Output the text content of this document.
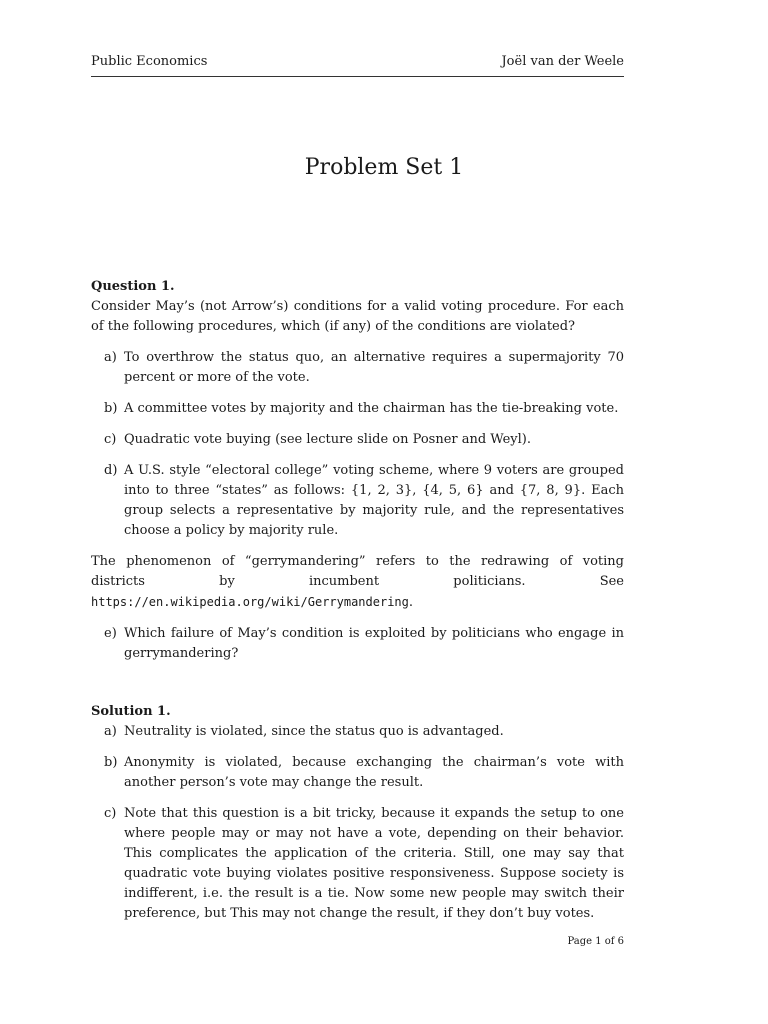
Public Economics	Joël van der Weele
Problem Set 1

Question 1.

Consider May’s (not Arrow’s) conditions for a valid voting procedure. For each of the following procedures, which (if any) of the conditions are violated?

a) To overthrow the status quo, an alternative requires a supermajority 70 percent or more of the vote.
b) A committee votes by majority and the chairman has the tie-breaking vote.
c) Quadratic vote buying (see lecture slide on Posner and Weyl).
d) A U.S. style “electoral college” voting scheme, where 9 voters are grouped into to three “states” as follows: {1, 2, 3}, {4, 5, 6} and {7, 8, 9}. Each group selects a representative by majority rule, and the representatives choose a policy by majority rule.

The phenomenon of “gerrymandering” refers to the redrawing of voting districts by incumbent politicians. See https://en.wikipedia.org/wiki/Gerrymandering.

e) Which failure of May’s condition is exploited by politicians who engage in gerrymandering?

Solution 1.

a) Neutrality is violated, since the status quo is advantaged.
b) Anonymity is violated, because exchanging the chairman’s vote with another person’s vote may change the result.
c) Note that this question is a bit tricky, because it expands the setup to one where people may or may not have a vote, depending on their behavior. This complicates the application of the criteria. Still, one may say that quadratic vote buying violates positive responsiveness. Suppose society is indifferent, i.e. the result is a tie. Now some new people may switch their preference, but This may not change the result, if they don’t buy votes.
Page 1 of 6
